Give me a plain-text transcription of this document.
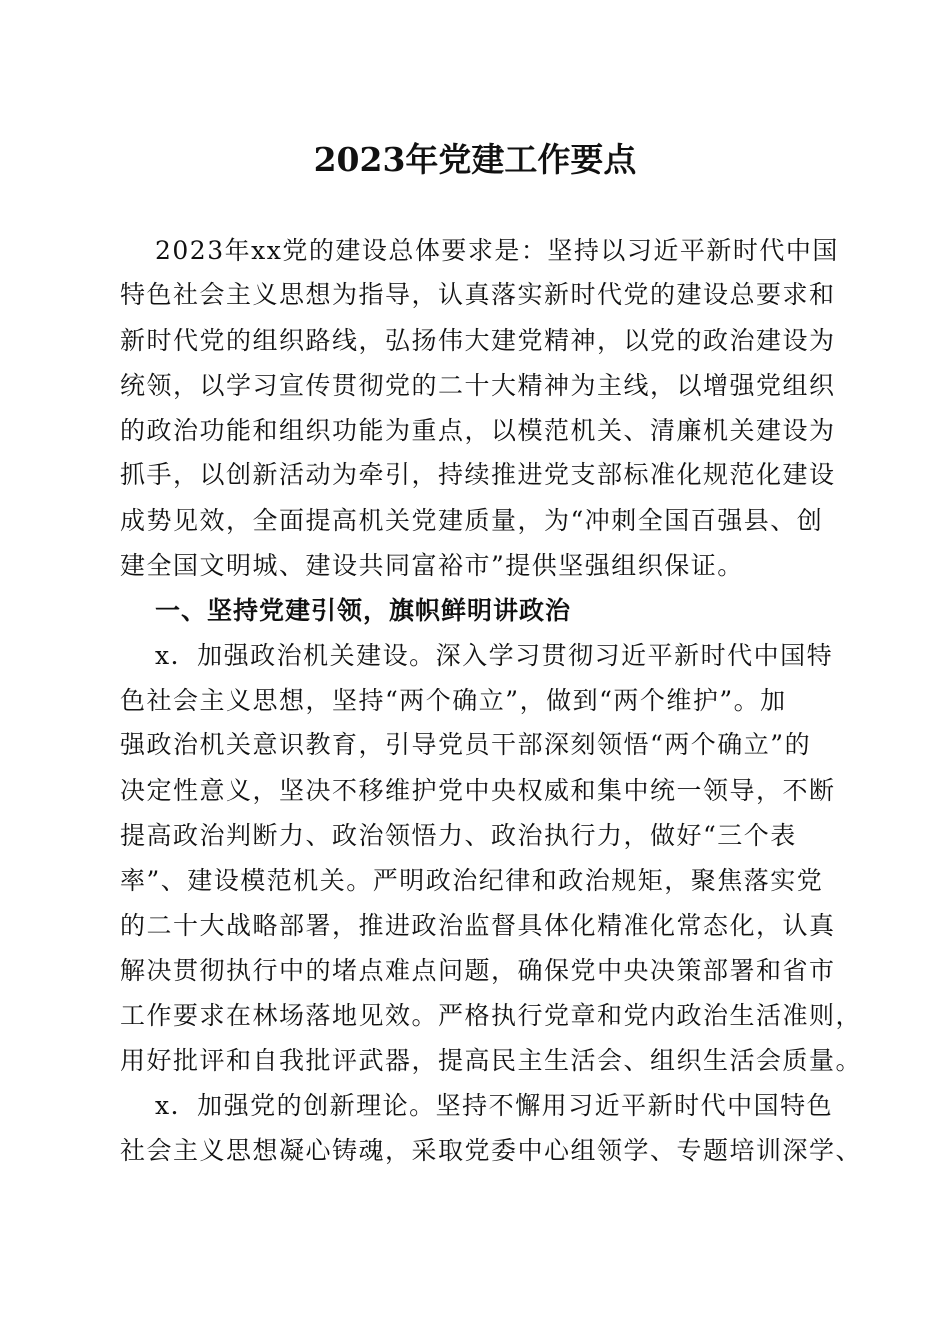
2023年党建工作要点
2023年xx党的建设总体要求是：坚持以习近平新时代中国
特色社会主义思想为指导，认真落实新时代党的建设总要求和
新时代党的组织路线，弘扬伟大建党精神，以党的政治建设为
统领，以学习宣传贯彻党的二十大精神为主线，以增强党组织
的政治功能和组织功能为重点，以模范机关、清廉机关建设为
抓手，以创新活动为牵引，持续推进党支部标准化规范化建设
成势见效，全面提高机关党建质量，为“冲刺全国百强县、创
建全国文明城、建设共同富裕市”提供坚强组织保证。
一、坚持党建引领，旗帜鲜明讲政治
x．加强政治机关建设。深入学习贯彻习近平新时代中国特
色社会主义思想，坚持“两个确立”，做到“两个维护”。加
强政治机关意识教育，引导党员干部深刻领悟“两个确立”的
决定性意义，坚决不移维护党中央权威和集中统一领导，不断
提高政治判断力、政治领悟力、政治执行力，做好“三个表
率”、建设模范机关。严明政治纪律和政治规矩，聚焦落实党
的二十大战略部署，推进政治监督具体化精准化常态化，认真
解决贯彻执行中的堵点难点问题，确保党中央决策部署和省市
工作要求在林场落地见效。严格执行党章和党内政治生活准则，
用好批评和自我批评武器，提高民主生活会、组织生活会质量。
x．加强党的创新理论。坚持不懈用习近平新时代中国特色
社会主义思想凝心铸魂，采取党委中心组领学、专题培训深学、
